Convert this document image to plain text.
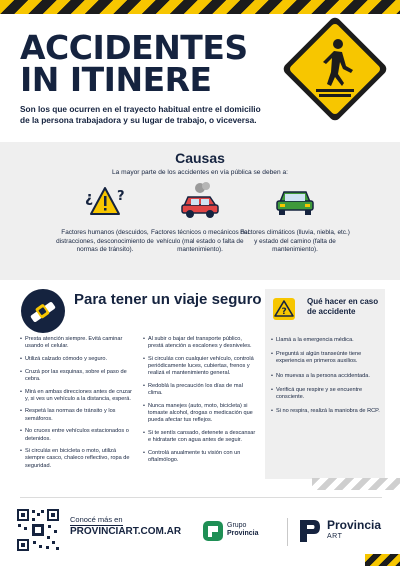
ACCIDENTES
IN ITINERE
Son los que ocurren en el trayecto habitual entre el domicilio de la persona trabajadora y su lugar de trabajo, o viceversa.
Causas
La mayor parte de los accidentes en vía pública se deben a:
¿ ?
Factores humanos (descuidos, distracciones, desconocimiento de normas de tránsito).
Factores técnicos o mecánicos del vehículo (mal estado o falta de mantenimiento).
Factores climáticos (lluvia, niebla, etc.) y estado del camino (falta de mantenimiento).
Para tener un viaje seguro
• Presta atención siempre. Evitá caminar usando el celular.
• Utilizá calzado cómodo y seguro.
• Cruzá por las esquinas, sobre el paso de cebra.
• Mirá en ambas direcciones antes de cruzar y, si ves un vehículo a la distancia, esperá.
• Respetá las normas de tránsito y los semáforos.
• No cruces entre vehículos estacionados o detenidos.
• Si circulás en bicicleta o moto, utilizá siempre casco, chaleco reflectivo, ropa de seguridad.
• Al subir o bajar del transporte público, prestá atención a escalones y desniveles.
• Si circulás con cualquier vehículo, controlá periódicamente luces, cubiertas, frenos y realizá el mantenimiento general.
• Redoblá la precaución los días de mal clima.
• Nunca manejes (auto, moto, bicicleta) si tomaste alcohol, drogas o medicación que pueda afectar tus reflejos.
• Si te sentís cansado, detenete a descansar e hidratarte con agua antes de seguir.
• Controlá anualmente tu visión con un oftalmólogo.
?
Qué hacer en caso de accidente
• Llamá a la emergencia médica.
• Preguntá si algún transeúnte tiene experiencia en primeros auxilios.
• No muevas a la persona accidentada.
• Verificá que respire y se encuentre consciente.
• Si no respira, realizá la maniobra de RCP.
Conocé más en
PROVINCIART.COM.AR
Grupo
Provincia
Provincia
ART
